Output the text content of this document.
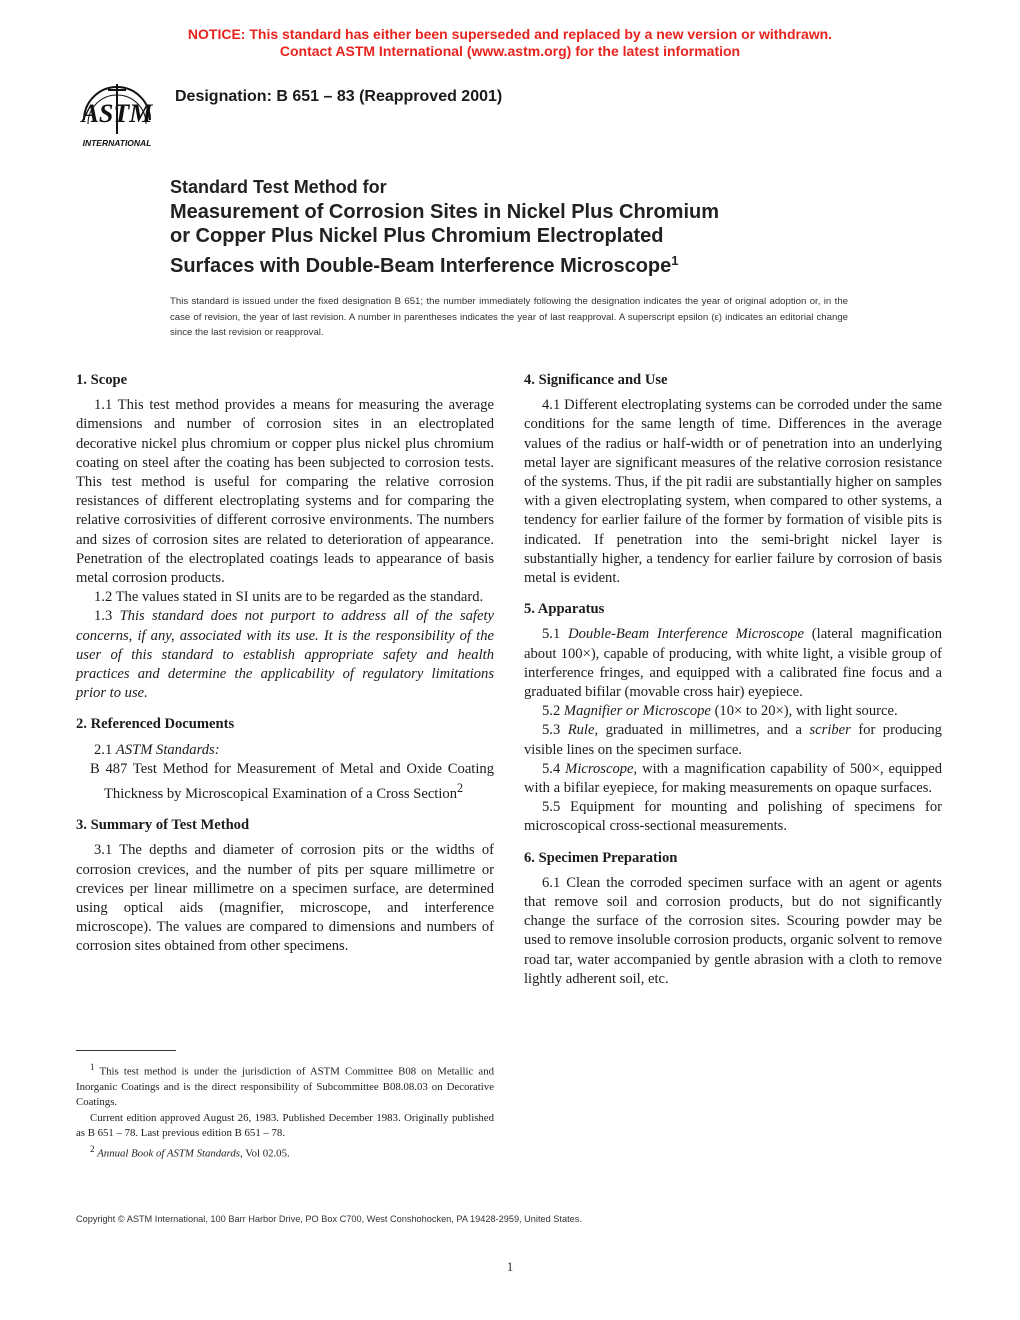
NOTICE: This standard has either been superseded and replaced by a new version or withdrawn.
Contact ASTM International (www.astm.org) for the latest information
ASTM
INTERNATIONAL
Designation: B 651 – 83 (Reapproved 2001)
Standard Test Method for
Measurement of Corrosion Sites in Nickel Plus Chromium
or Copper Plus Nickel Plus Chromium Electroplated
Surfaces with Double-Beam Interference Microscope$^1$
This standard is issued under the fixed designation B 651; the number immediately following the designation indicates the year of original adoption or, in the case of revision, the year of last revision. A number in parentheses indicates the year of last reapproval. A superscript epsilon (ε) indicates an editorial change since the last revision or reapproval.
1. Scope

1.1 This test method provides a means for measuring the average dimensions and number of corrosion sites in an electroplated decorative nickel plus chromium or copper plus nickel plus chromium coating on steel after the coating has been subjected to corrosion tests. This test method is useful for comparing the relative corrosion resistances of different electroplating systems and for comparing the relative corrosivities of different corrosive environments. The numbers and sizes of corrosion sites are related to deterioration of appearance. Penetration of the electroplated coatings leads to appearance of basis metal corrosion products.

1.2 The values stated in SI units are to be regarded as the standard.

1.3 This standard does not purport to address all of the safety concerns, if any, associated with its use. It is the responsibility of the user of this standard to establish appropriate safety and health practices and determine the applicability of regulatory limitations prior to use.

2. Referenced Documents

2.1 ASTM Standards:

B 487 Test Method for Measurement of Metal and Oxide Coating Thickness by Microscopical Examination of a Cross Section$^2$

3. Summary of Test Method

3.1 The depths and diameter of corrosion pits or the widths of corrosion crevices, and the number of pits per square millimetre or crevices per linear millimetre on a specimen surface, are determined using optical aids (magnifier, microscope, and interference microscope). The values are compared to dimensions and numbers of corrosion sites obtained from other specimens.

4. Significance and Use

4.1 Different electroplating systems can be corroded under the same conditions for the same length of time. Differences in the average values of the radius or half-width or of penetration into an underlying metal layer are significant measures of the relative corrosion resistance of the systems. Thus, if the pit radii are substantially higher on samples with a given electroplating system, when compared to other systems, a tendency for earlier failure of the former by formation of visible pits is indicated. If penetration into the semi-bright nickel layer is substantially higher, a tendency for earlier failure by corrosion of basis metal is evident.

5. Apparatus

5.1 Double-Beam Interference Microscope (lateral magnification about 100×), capable of producing, with white light, a visible group of interference fringes, and equipped with a calibrated fine focus and a graduated bifilar (movable cross hair) eyepiece.

5.2 Magnifier or Microscope (10× to 20×), with light source.

5.3 Rule, graduated in millimetres, and a scriber for producing visible lines on the specimen surface.

5.4 Microscope, with a magnification capability of 500×, equipped with a bifilar eyepiece, for making measurements on opaque surfaces.

5.5 Equipment for mounting and polishing of specimens for microscopical cross-sectional measurements.

6. Specimen Preparation

6.1 Clean the corroded specimen surface with an agent or agents that remove soil and corrosion products, but do not significantly change the surface of the corrosion sites. Scouring powder may be used to remove insoluble corrosion products, organic solvent to remove road tar, water accompanied by gentle abrasion with a cloth to remove lightly adherent soil, etc.

$^1$ This test method is under the jurisdiction of ASTM Committee B08 on Metallic and Inorganic Coatings and is the direct responsibility of Subcommittee B08.08.03 on Decorative Coatings.

Current edition approved August 26, 1983. Published December 1983. Originally published as B 651 – 78. Last previous edition B 651 – 78.

$^2$ Annual Book of ASTM Standards, Vol 02.05.

Copyright © ASTM International, 100 Barr Harbor Drive, PO Box C700, West Conshohocken, PA 19428-2959, United States.
1
